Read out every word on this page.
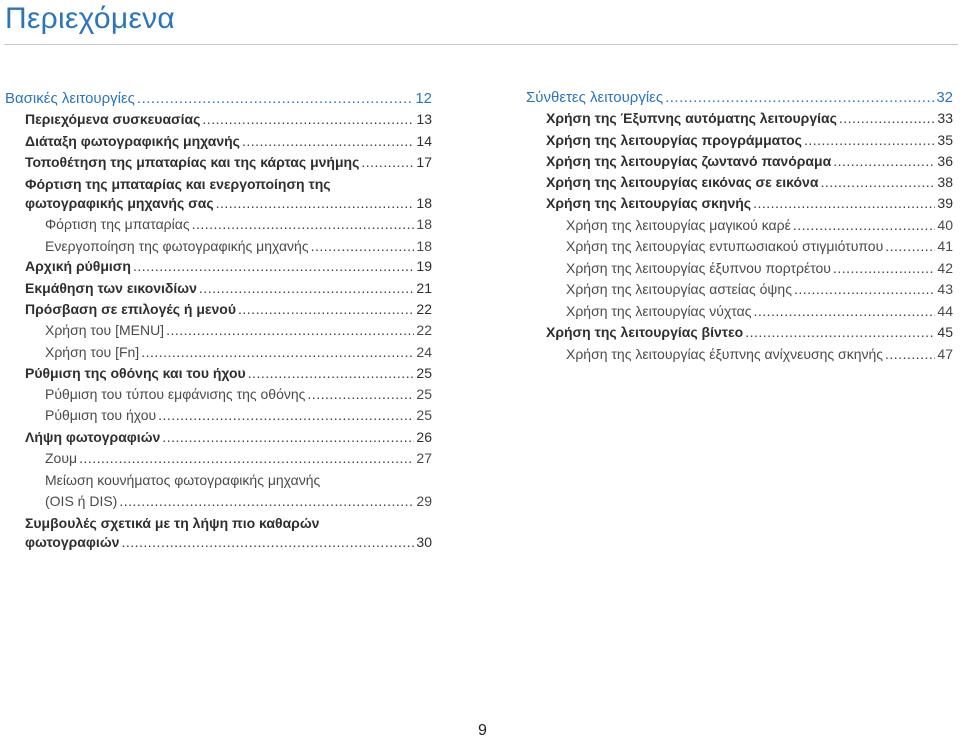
Περιεχόμενα
Βασικές λειτουργίες .....	12
Περιεχόμενα συσκευασίας .....	13
Διάταξη φωτογραφικής μηχανής .....	14
Τοποθέτηση της μπαταρίας και της κάρτας μνήμης .....	17
Φόρτιση της μπαταρίας και ενεργοποίηση της
φωτογραφικής μηχανής σας .....	18
Φόρτιση της μπαταρίας .....	18
Ενεργοποίηση της φωτογραφικής μηχανής .....	18
Αρχική ρύθμιση .....	19
Εκμάθηση των εικονιδίων .....	21
Πρόσβαση σε επιλογές ή μενού .....	22
Χρήση του [MENU] .....	22
Χρήση του [Fn] .....	24
Ρύθμιση της οθόνης και του ήχου .....	25
Ρύθμιση του τύπου εμφάνισης της οθόνης .....	25
Ρύθμιση του ήχου .....	25
Λήψη φωτογραφιών .....	26
Ζουμ .....	27
Μείωση κουνήματος φωτογραφικής μηχανής
(OIS ή DIS) .....	29
Συμβουλές σχετικά με τη λήψη πιο καθαρών
φωτογραφιών .....	30
Σύνθετες λειτουργίες .....	32
Χρήση της Έξυπνης αυτόματης λειτουργίας .....	33
Χρήση της λειτουργίας προγράμματος .....	35
Χρήση της λειτουργίας ζωντανό πανόραμα .....	36
Χρήση της λειτουργίας εικόνας σε εικόνα .....	38
Χρήση της λειτουργίας σκηνής .....	39
Χρήση της λειτουργίας μαγικού καρέ .....	40
Χρήση της λειτουργίας εντυπωσιακού στιγμιότυπου .....	41
Χρήση της λειτουργίας έξυπνου πορτρέτου .....	42
Χρήση της λειτουργίας αστείας όψης .....	43
Χρήση της λειτουργίας νύχτας .....	44
Χρήση της λειτουργίας βίντεο .....	45
Χρήση της λειτουργίας έξυπνης ανίχνευσης σκηνής .....	47
9
